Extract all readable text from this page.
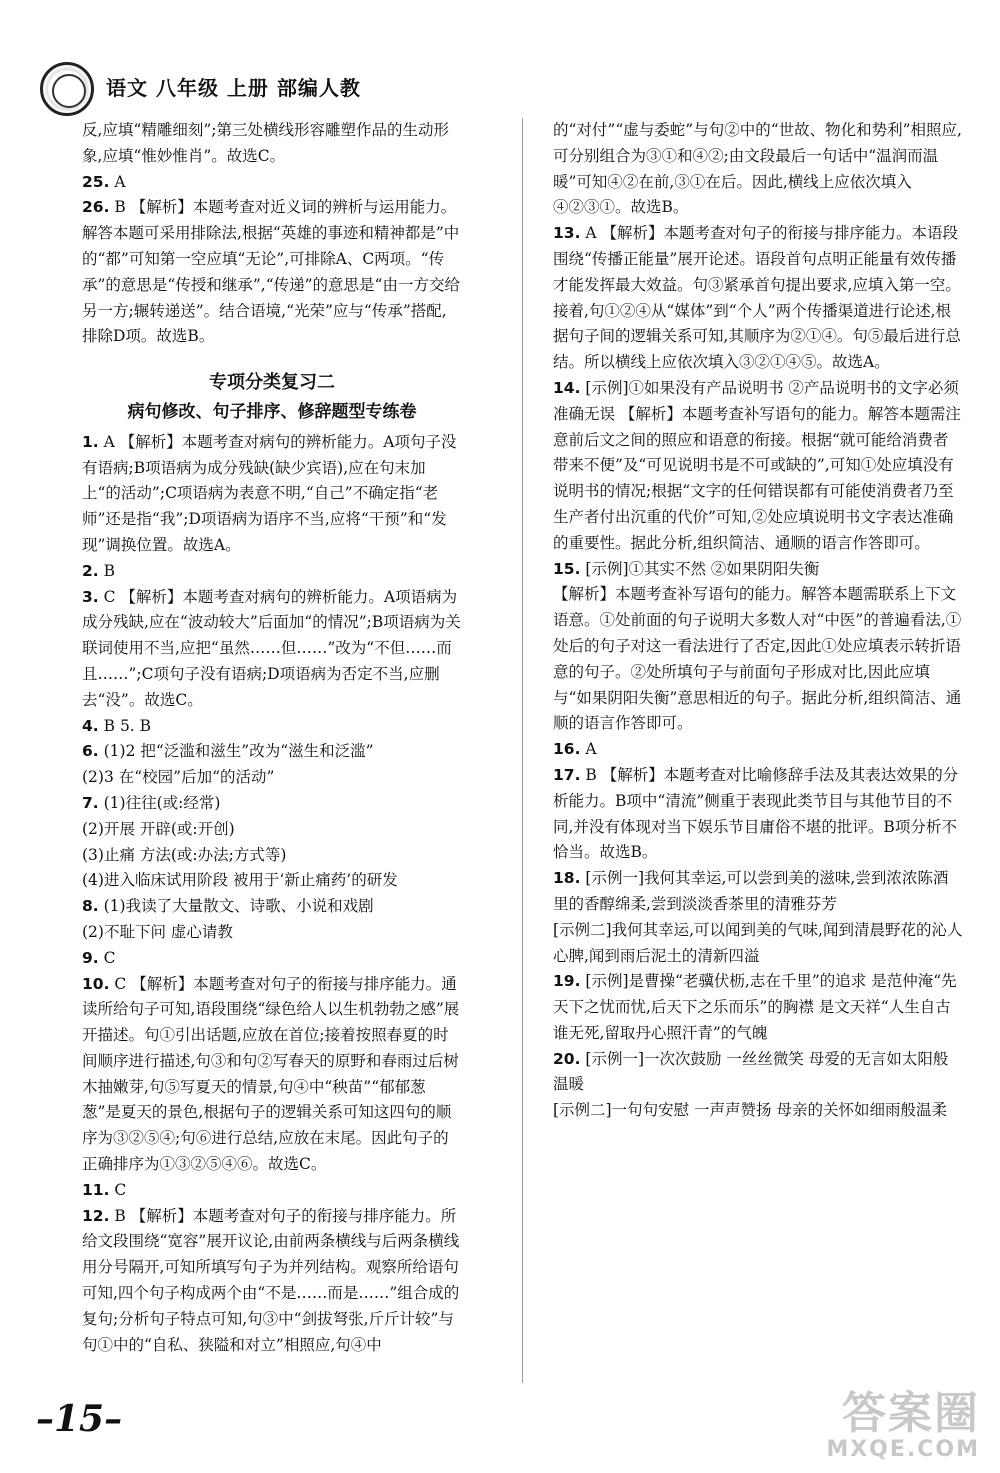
语文 八年级 上册 部编人教
反,应填“精雕细刻”;第三处横线形容雕塑作品的生动形象,应填“惟妙惟肖”。故选C。
25. A
26. B 【解析】本题考查对近义词的辨析与运用能力。解答本题可采用排除法,根据“英雄的事迹和精神都是”中的“都”可知第一空应填“无论”,可排除A、C两项。“传承”的意思是“传授和继承”,“传递”的意思是“由一方交给另一方;辗转递送”。结合语境,“光荣”应与“传承”搭配,排除D项。故选B。
专项分类复习二
病句修改、句子排序、修辞题型专练卷
1. A 【解析】本题考查对病句的辨析能力。A项句子没有语病;B项语病为成分残缺(缺少宾语),应在句末加上“的活动”;C项语病为表意不明,“自己”不确定指“老师”还是指“我”;D项语病为语序不当,应将“干预”和“发现”调换位置。故选A。
2. B
3. C 【解析】本题考查对病句的辨析能力。A项语病为成分残缺,应在“波动较大”后面加“的情况”;B项语病为关联词使用不当,应把“虽然……但……”改为“不但……而且……”;C项句子没有语病;D项语病为否定不当,应删去“没”。故选C。
4. B 5. B
6. (1)2 把“泛滥和滋生”改为“滋生和泛滥”
(2)3 在“校园”后加“的活动”
7. (1)往往(或:经常)
(2)开展 开辟(或:开创)
(3)止痛 方法(或:办法;方式等)
(4)进入临床试用阶段 被用于‘新止痛药’的研发
8. (1)我读了大量散文、诗歌、小说和戏剧
(2)不耻下问 虚心请教
9. C
10. C 【解析】本题考查对句子的衔接与排序能力。通读所给句子可知,语段围绕“绿色给人以生机勃勃之感”展开描述。句①引出话题,应放在首位;接着按照春夏的时间顺序进行描述,句③和句②写春天的原野和春雨过后树木抽嫩芽,句⑤写夏天的情景,句④中“秧苗”“郁郁葱葱”是夏天的景色,根据句子的逻辑关系可知这四句的顺序为③②⑤④;句⑥进行总结,应放在末尾。因此句子的正确排序为①③②⑤④⑥。故选C。
11. C
12. B 【解析】本题考查对句子的衔接与排序能力。所给文段围绕“宽容”展开议论,由前两条横线与后两条横线用分号隔开,可知所填写句子为并列结构。观察所给语句可知,四个句子构成两个由“不是……而是……”组合成的复句;分析句子特点可知,句③中“剑拔弩张,斤斤计较”与句①中的“自私、狭隘和对立”相照应,句④中
的“对付”“虚与委蛇”与句②中的“世故、物化和势利”相照应,可分别组合为③①和④②;由文段最后一句话中“温润而温暖”可知④②在前,③①在后。因此,横线上应依次填入④②③①。故选B。
13. A 【解析】本题考查对句子的衔接与排序能力。本语段围绕“传播正能量”展开论述。语段首句点明正能量有效传播才能发挥最大效益。句③紧承首句提出要求,应填入第一空。接着,句①②④从“媒体”到“个人”两个传播渠道进行论述,根据句子间的逻辑关系可知,其顺序为②①④。句⑤最后进行总结。所以横线上应依次填入③②①④⑤。故选A。
14. [示例]①如果没有产品说明书 ②产品说明书的文字必须准确无误 【解析】本题考查补写语句的能力。解答本题需注意前后文之间的照应和语意的衔接。根据“就可能给消费者带来不便”及“可见说明书是不可或缺的”,可知①处应填没有说明书的情况;根据“文字的任何错误都有可能使消费者乃至生产者付出沉重的代价”可知,②处应填说明书文字表达准确的重要性。据此分析,组织简洁、通顺的语言作答即可。
15. [示例]①其实不然 ②如果阴阳失衡
【解析】本题考查补写语句的能力。解答本题需联系上下文语意。①处前面的句子说明大多数人对“中医”的普遍看法,①处后的句子对这一看法进行了否定,因此①处应填表示转折语意的句子。②处所填句子与前面句子形成对比,因此应填与“如果阴阳失衡”意思相近的句子。据此分析,组织简洁、通顺的语言作答即可。
16. A
17. B 【解析】本题考查对比喻修辞手法及其表达效果的分析能力。B项中“清流”侧重于表现此类节目与其他节目的不同,并没有体现对当下娱乐节目庸俗不堪的批评。B项分析不恰当。故选B。
18. [示例一]我何其幸运,可以尝到美的滋味,尝到浓浓陈酒里的香醇绵柔,尝到淡淡香茶里的清雅芬芳
[示例二]我何其幸运,可以闻到美的气味,闻到清晨野花的沁人心脾,闻到雨后泥土的清新四溢
19. [示例]是曹操“老骥伏枥,志在千里”的追求 是范仲淹“先天下之忧而忧,后天下之乐而乐”的胸襟 是文天祥“人生自古谁无死,留取丹心照汗青”的气魄
20. [示例一]一次次鼓励 一丝丝微笑 母爱的无言如太阳般温暖
[示例二]一句句安慰 一声声赞扬 母亲的关怀如细雨般温柔
–15–	答案圈
MXQE.COM
